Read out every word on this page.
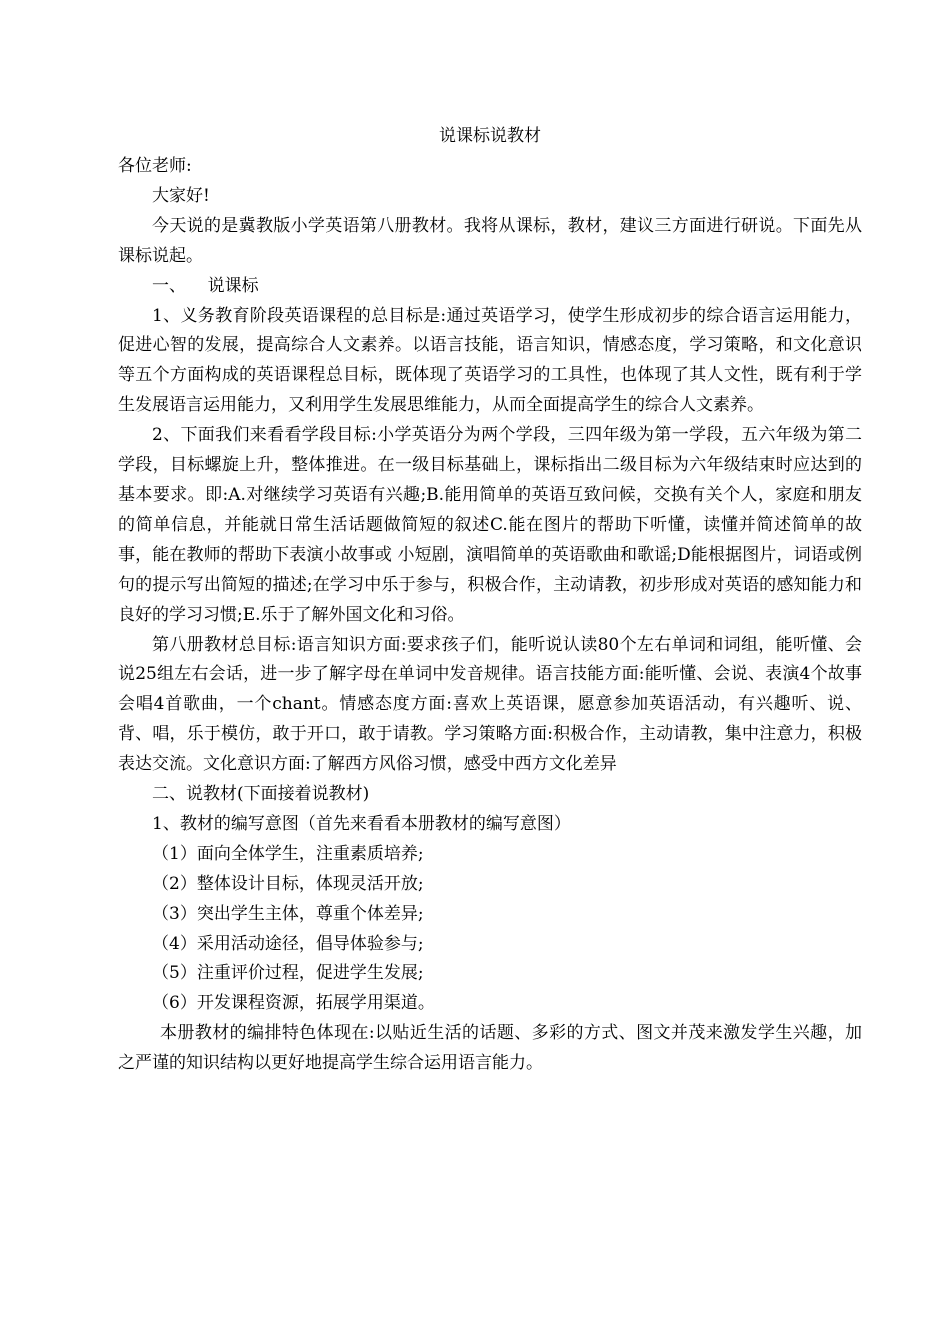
说课标说教材

各位老师:

大家好!

今天说的是冀教版小学英语第八册教材。我将从课标，教材，建议三方面进行研说。下面先从课标说起。

一、    说课标

1、义务教育阶段英语课程的总目标是:通过英语学习，使学生形成初步的综合语言运用能力，促进心智的发展，提高综合人文素养。以语言技能，语言知识，情感态度，学习策略，和文化意识等五个方面构成的英语课程总目标，既体现了英语学习的工具性，也体现了其人文性，既有利于学生发展语言运用能力，又利用学生发展思维能力，从而全面提高学生的综合人文素养。

2、下面我们来看看学段目标:小学英语分为两个学段，三四年级为第一学段，五六年级为第二学段，目标螺旋上升，整体推进。在一级目标基础上，课标指出二级目标为六年级结束时应达到的基本要求。即:A.对继续学习英语有兴趣;B.能用简单的英语互致问候，交换有关个人，家庭和朋友的简单信息，并能就日常生活话题做简短的叙述C.能在图片的帮助下听懂，读懂并简述简单的故事，能在教师的帮助下表演小故事或 小短剧，演唱简单的英语歌曲和歌谣;D能根据图片，词语或例句的提示写出简短的描述;在学习中乐于参与，积极合作，主动请教，初步形成对英语的感知能力和良好的学习习惯;E.乐于了解外国文化和习俗。

第八册教材总目标:语言知识方面:要求孩子们，能听说认读80个左右单词和词组，能听懂、会说25组左右会话，进一步了解字母在单词中发音规律。语言技能方面:能听懂、会说、表演4个故事会唱4首歌曲，一个chant。情感态度方面:喜欢上英语课，愿意参加英语活动，有兴趣听、说、背、唱，乐于模仿，敢于开口，敢于请教。学习策略方面:积极合作，主动请教，集中注意力，积极表达交流。文化意识方面:了解西方风俗习惯，感受中西方文化差异

二、说教材(下面接着说教材)

1、教材的编写意图（首先来看看本册教材的编写意图）

（1）面向全体学生，注重素质培养;

（2）整体设计目标，体现灵活开放;

（3）突出学生主体，尊重个体差异;

（4）采用活动途径，倡导体验参与;

（5）注重评价过程，促进学生发展;

（6）开发课程资源，拓展学用渠道。

本册教材的编排特色体现在:以贴近生活的话题、多彩的方式、图文并茂来激发学生兴趣，加之严谨的知识结构以更好地提高学生综合运用语言能力。
